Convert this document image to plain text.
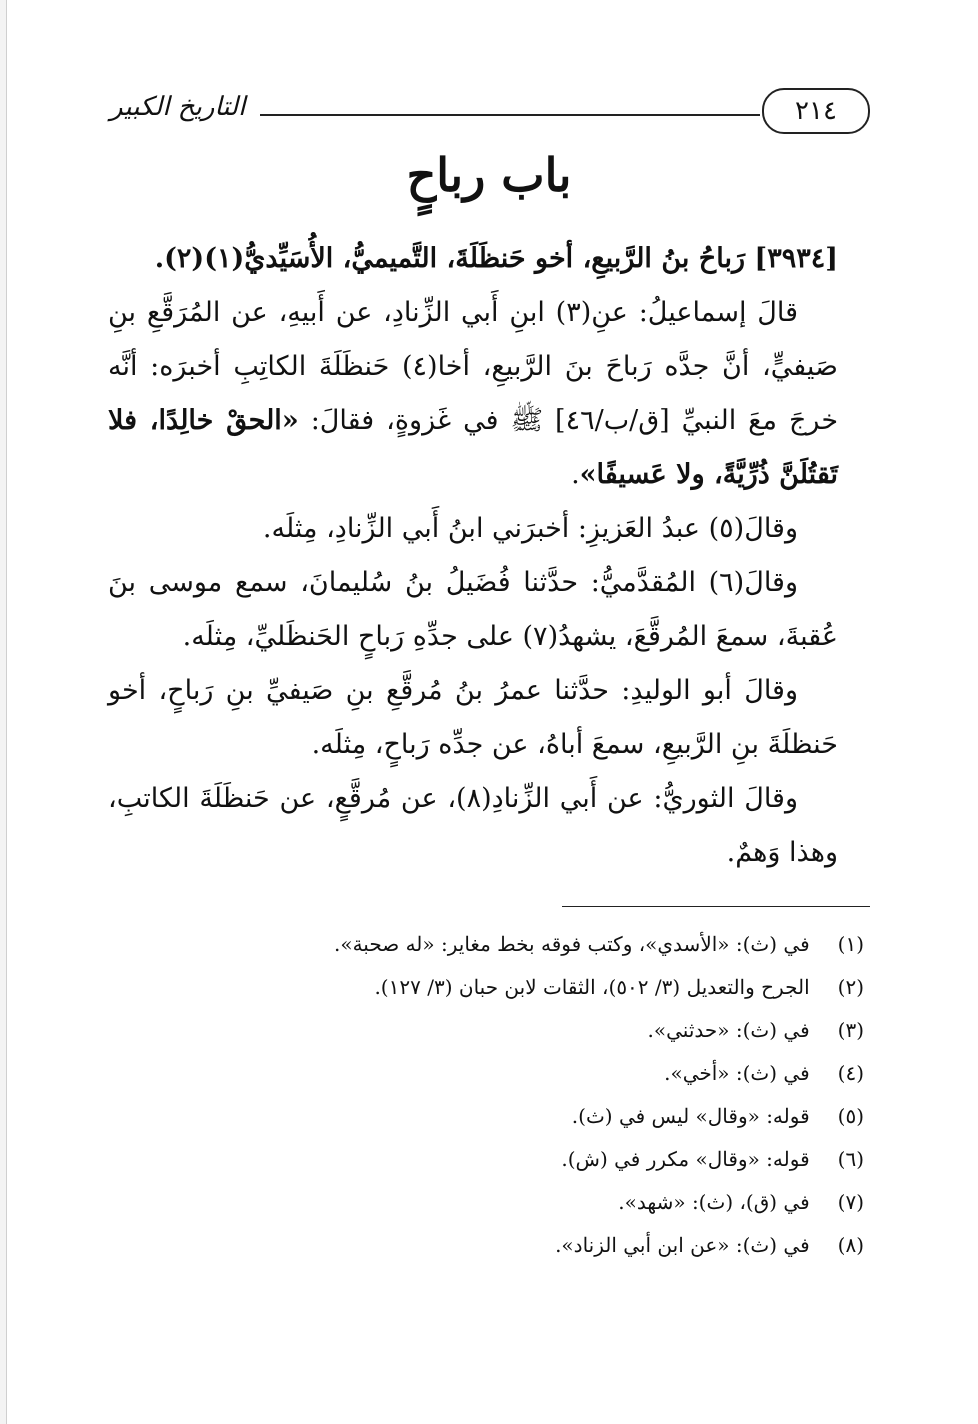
التاريخ الكبير	٢١٤
باب رباحٍ

[٣٩٣٤] رَباحُ بنُ الرَّبيعِ، أخو حَنظَلَةَ، التَّميميُّ، الأُسَيِّديُّ(١)(٢).

قالَ إسماعيلُ: عنِ(٣) ابنِ أَبي الزِّنادِ، عن أَبيهِ، عن المُرَقَّعِ بنِ صَيفيٍّ، أنَّ جدَّه رَباحَ بنَ الرَّبيعِ، أخا(٤) حَنظَلَةَ الكاتِبِ أخبرَه: أنَّه خرجَ معَ النبيِّ [ق/ب/٤٦] ﷺ في غَزوةٍ، فقالَ: «الحقْ خالِدًا، فلا تَقتُلَنَّ ذُرِّيَّةً، ولا عَسيفًا».

وقالَ(٥) عبدُ العَزيزِ: أخبرَني ابنُ أَبي الزِّنادِ، مِثلَه.

وقالَ(٦) المُقدَّميُّ: حدَّثنا فُضَيلُ بنُ سُليمانَ، سمع موسى بنَ عُقبةَ، سمعَ المُرقَّعَ، يشهدُ(٧) على جدِّهِ رَباحٍ الحَنظَليِّ، مِثلَه.

وقالَ أبو الوليدِ: حدَّثنا عمرُ بنُ مُرقَّعِ بنِ صَيفيِّ بنِ رَباحٍ، أخو حَنظلَةَ بنِ الرَّبيعِ، سمعَ أباهُ، عن جدِّه رَباحٍ، مِثلَه.

وقالَ الثوريُّ: عن أَبي الزِّنادِ(٨)، عن مُرقَّعٍ، عن حَنظَلَةَ الكاتبِ، وهذا وَهمٌ.

(١) في (ث): «الأسدي»، وكتب فوقه بخط مغاير: «له صحبة».
(٢) الجرح والتعديل (٣/ ٥٠٢)، الثقات لابن حبان (٣/ ١٢٧).
(٣) في (ث): «حدثني».
(٤) في (ث): «أخي».
(٥) قوله: «وقال» ليس في (ث).
(٦) قوله: «وقال» مكرر في (ش).
(٧) في (ق)، (ث): «شهد».
(٨) في (ث): «عن ابن أبي الزناد».
